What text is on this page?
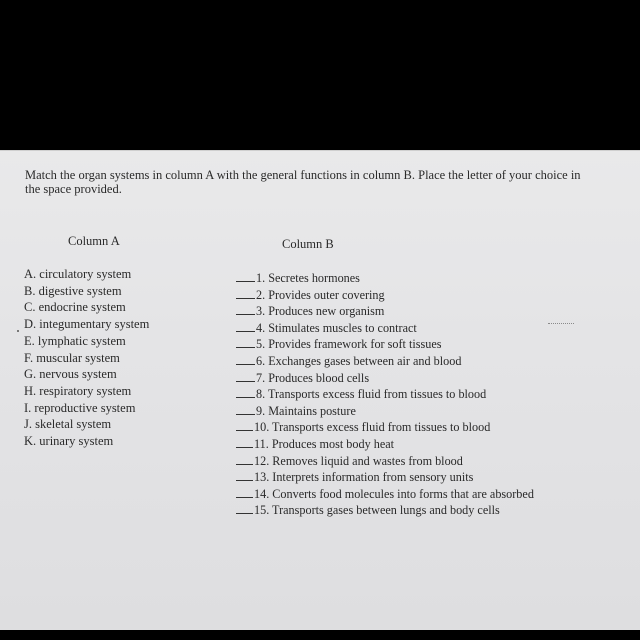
Match the organ systems in column A with the general functions in column B. Place the letter of your choice in the space provided.

Column A	Column B
A. circulatory system
B. digestive system
C. endocrine system
D. integumentary system
E. lymphatic system
F. muscular system
G. nervous system
H. respiratory system
I. reproductive system
J. skeletal system
K. urinary system
1. Secretes hormones
2. Provides outer covering
3. Produces new organism
4. Stimulates muscles to contract
5. Provides framework for soft tissues
6. Exchanges gases between air and blood
7. Produces blood cells
8. Transports excess fluid from tissues to blood
9. Maintains posture
10. Transports excess fluid from tissues to blood
11. Produces most body heat
12. Removes liquid and wastes from blood
13. Interprets information from sensory units
14. Converts food molecules into forms that are absorbed
15. Transports gases between lungs and body cells
